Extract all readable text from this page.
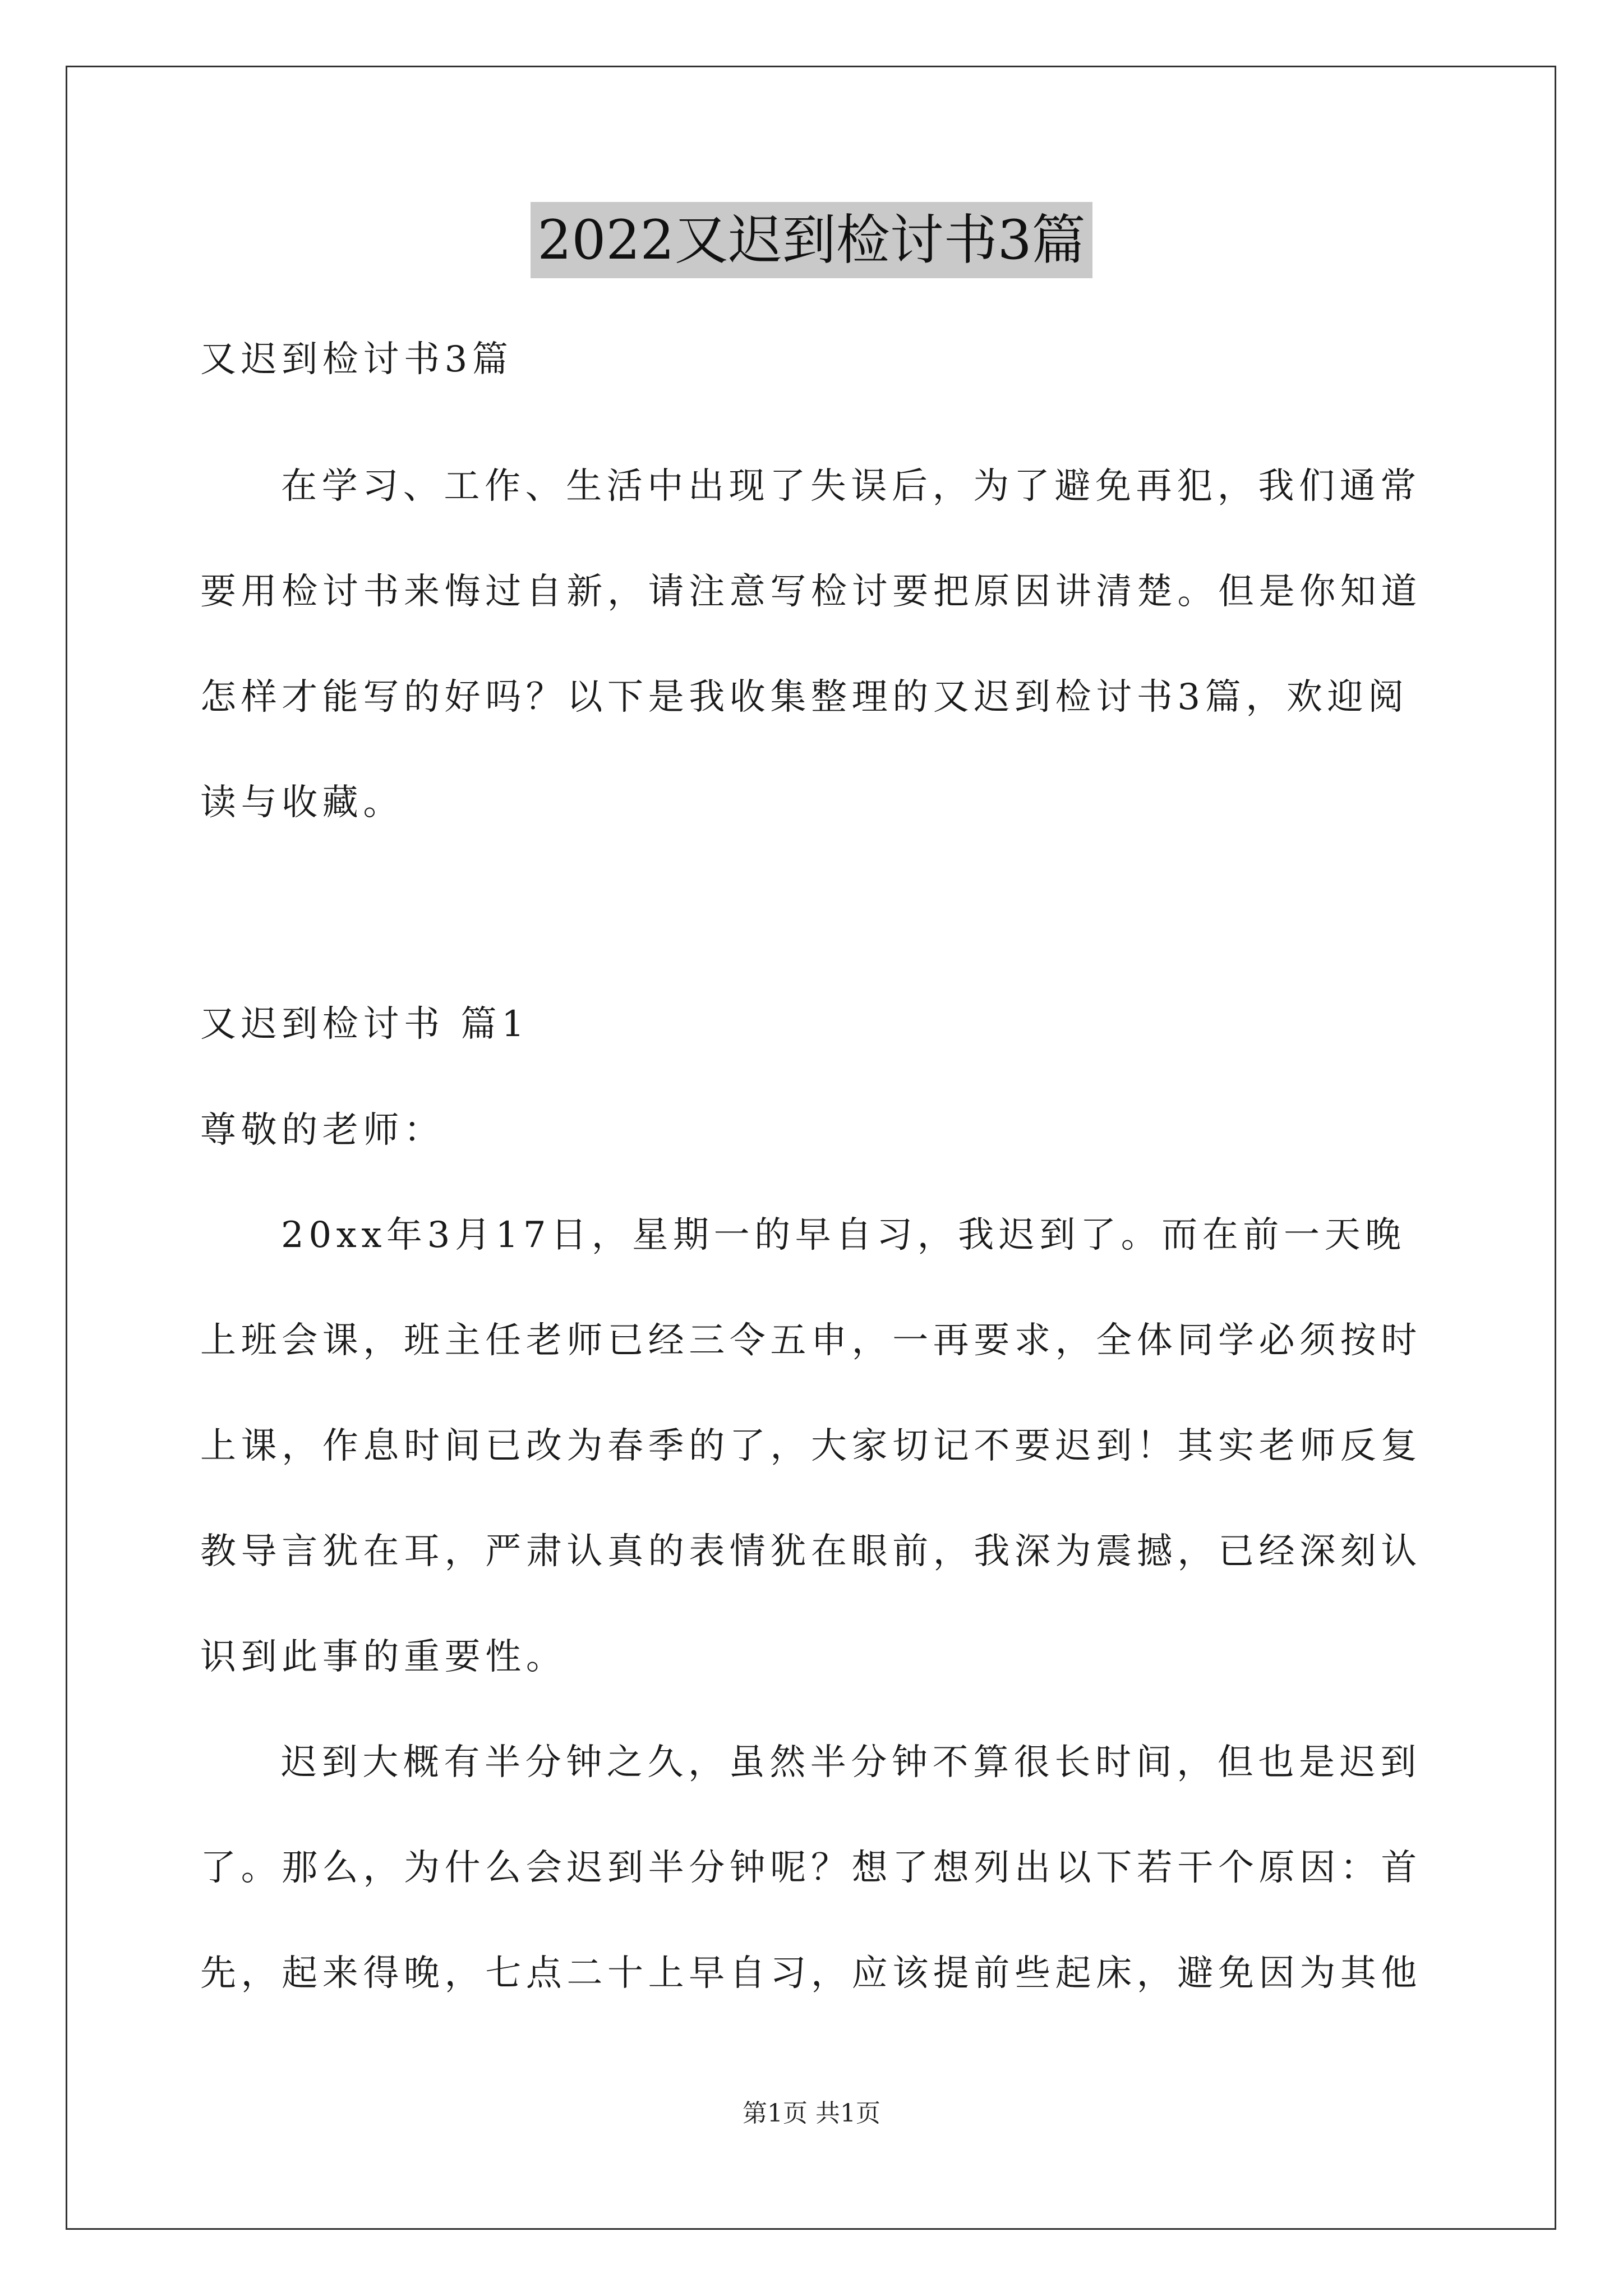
2022又迟到检讨书3篇
又迟到检讨书3篇
在学习、工作、生活中出现了失误后，为了避免再犯，我们通常
要用检讨书来悔过自新，请注意写检讨要把原因讲清楚。但是你知道
怎样才能写的好吗？以下是我收集整理的又迟到检讨书3篇，欢迎阅
读与收藏。
又迟到检讨书 篇1
尊敬的老师：
20xx年3月17日，星期一的早自习，我迟到了。而在前一天晚
上班会课，班主任老师已经三令五申，一再要求，全体同学必须按时
上课，作息时间已改为春季的了，大家切记不要迟到！其实老师反复
教导言犹在耳，严肃认真的表情犹在眼前，我深为震撼，已经深刻认
识到此事的重要性。
迟到大概有半分钟之久，虽然半分钟不算很长时间，但也是迟到
了。那么，为什么会迟到半分钟呢？想了想列出以下若干个原因：首
先，起来得晚，七点二十上早自习，应该提前些起床，避免因为其他
第1页 共1页
